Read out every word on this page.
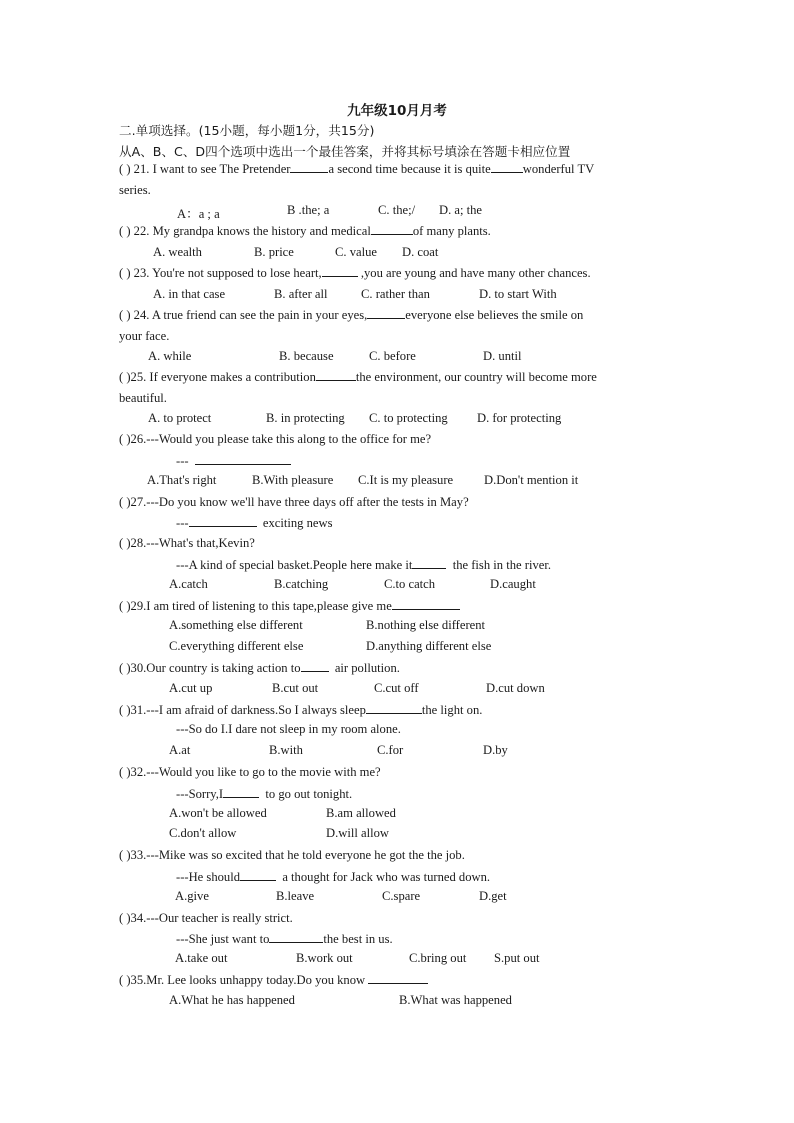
九年级10月月考
二.单项选择。(15小题，每小题1分，共15分)
从A、B、C、D四个选项中选出一个最佳答案，并将其标号填涂在答题卡相应位置
( ) 21. I want to see The Pretender	a second time because it is quite	wonderful TV
series.
A：a ; a	B .the; a	C. the;/ D. a; the
( ) 22. My grandpa knows the history and medical	of many plants.
A. wealth	B. price	C. value D. coat
( ) 23. You're not supposed to lose heart,	,you are young and have many other chances.
A. in that case	B. after all	C. rather than	D. to start With
( ) 24. A true friend can see the pain in your eyes,	everyone else believes the smile on
your face.
A. while	B. because	C. before	D. until
( )25. If everyone makes a contribution	the environment, our country will become more
beautiful.
A. to protect	B. in protecting C. to protecting D. for protecting
( )26.---Would you please take this along to the office for me?
---
A.That's right	B.With pleasure C.It is my pleasure D.Don't mention it
( )27.---Do you know we'll have three days off after the tests in May?
---	exciting news
( )28.---What's that,Kevin?
---A kind of special basket.People here make it	the fish in the river.
A.catch	B.catching	C.to catch	D.caught
( )29.I am tired of listening to this tape,please give me
A.something else different	B.nothing else different
C.everything different else	D.anything different else
( )30.Our country is taking action to	air pollution.
A.cut up	B.cut out	C.cut off	D.cut down
( )31.---I am afraid of darkness.So I always sleep	the light on.
---So do I.I dare not sleep in my room alone.
A.at	B.with	C.for	D.by
( )32.---Would you like to go to the movie with me?
---Sorry,I	to go out tonight.
A.won't be allowed	B.am allowed
C.don't allow	D.will allow
( )33.---Mike was so excited that he told everyone he got the the job.
---He should	a thought for Jack who was turned down.
A.give	B.leave	C.spare	D.get
( )34.---Our teacher is really strict.
---She just want to	the best in us.
A.take out	B.work out	C.bring out S.put out
( )35.Mr. Lee looks unhappy today.Do you know
A.What he has happened	B.What was happened
